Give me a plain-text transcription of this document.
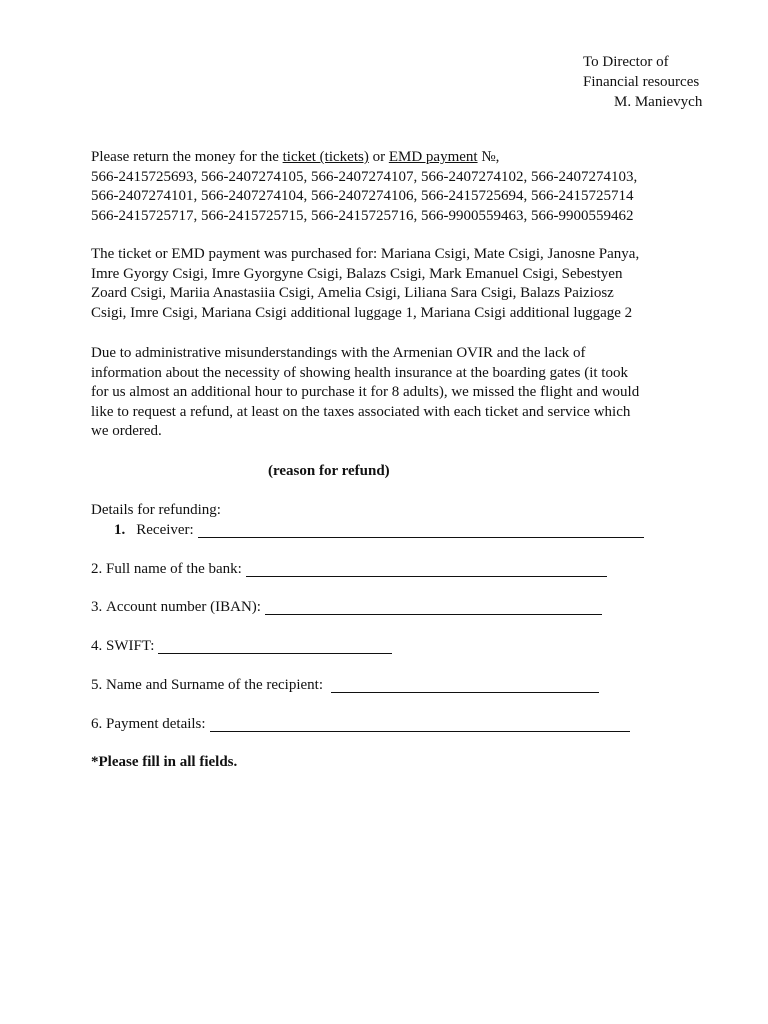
To Director of
Financial resources
M. Manievych
Please return the money for the ticket (tickets) or EMD payment №,
566-2415725693, 566-2407274105, 566-2407274107, 566-2407274102, 566-2407274103,
566-2407274101, 566-2407274104, 566-2407274106, 566-2415725694, 566-2415725714
566-2415725717, 566-2415725715, 566-2415725716, 566-9900559463, 566-9900559462
The ticket or EMD payment was purchased for: Mariana Csigi, Mate Csigi, Janosne Panya,
Imre Gyorgy Csigi, Imre Gyorgyne Csigi, Balazs Csigi, Mark Emanuel Csigi, Sebestyen
Zoard Csigi, Mariia Anastasiia Csigi, Amelia Csigi, Liliana Sara Csigi, Balazs Paiziosz
Csigi, Imre Csigi, Mariana Csigi additional luggage 1, Mariana Csigi additional luggage 2
Due to administrative misunderstandings with the Armenian OVIR and the lack of
information about the necessity of showing health insurance at the boarding gates (it took
for us almost an additional hour to purchase it for 8 adults), we missed the flight and would
like to request a refund, at least on the taxes associated with each ticket and service which
we ordered.
(reason for refund)
Details for refunding:
1. Receiver:
2.
Full name of the bank:
3.
Account number (IBAN):
4.
SWIFT:
5.
Name and Surname of the recipient:
6.
Payment details:
*Please fill in all fields.
